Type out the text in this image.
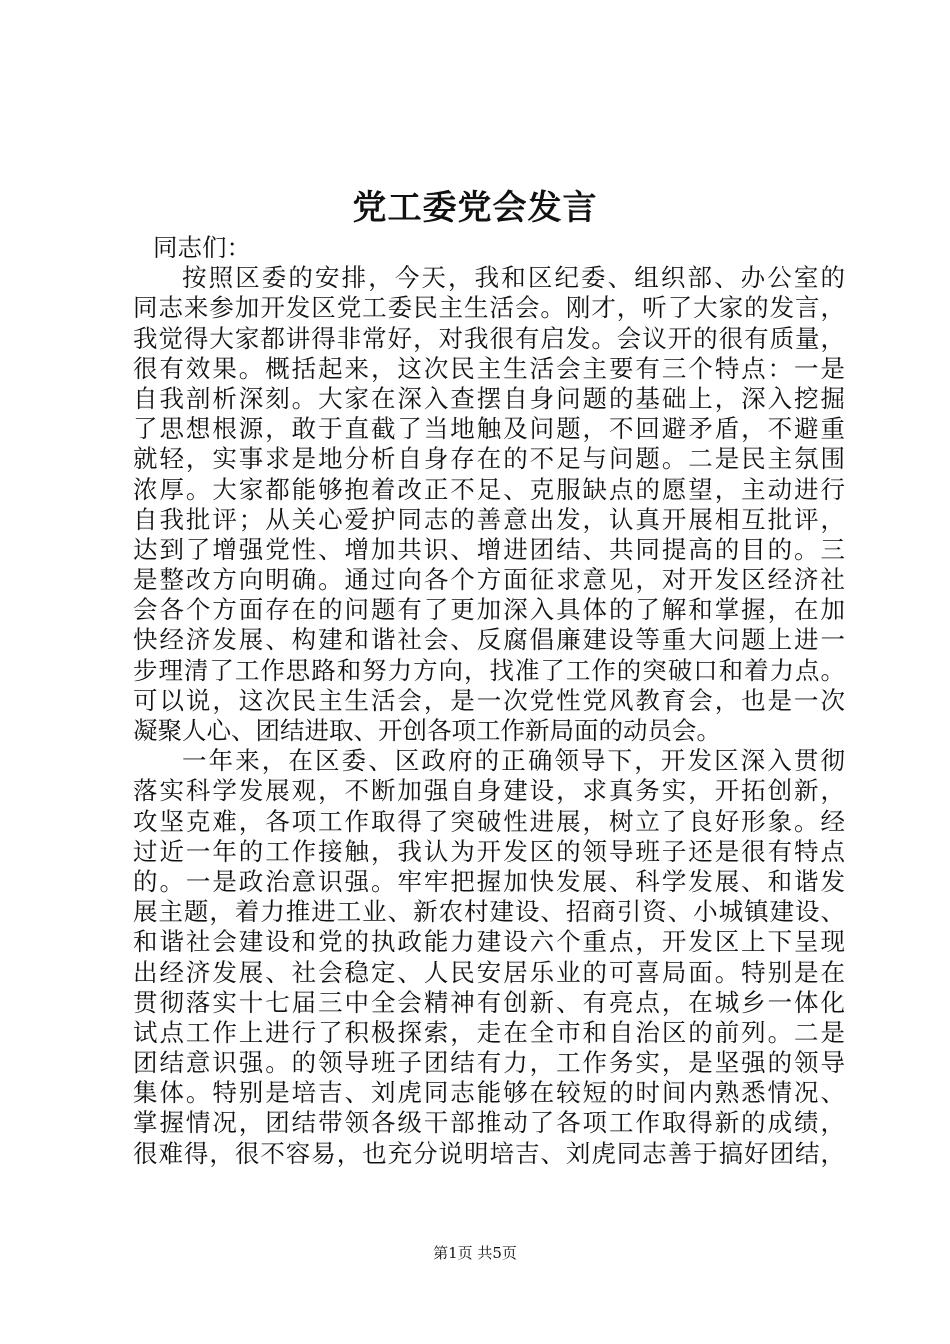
党工委党会发言
同志们：
按照区委的安排，今天，我和区纪委、组织部、办公室的
同志来参加开发区党工委民主生活会。刚才，听了大家的发言，
我觉得大家都讲得非常好，对我很有启发。会议开的很有质量，
很有效果。概括起来，这次民主生活会主要有三个特点：一是
自我剖析深刻。大家在深入查摆自身问题的基础上，深入挖掘
了思想根源，敢于直截了当地触及问题，不回避矛盾，不避重
就轻，实事求是地分析自身存在的不足与问题。二是民主氛围
浓厚。大家都能够抱着改正不足、克服缺点的愿望，主动进行
自我批评；从关心爱护同志的善意出发，认真开展相互批评，
达到了增强党性、增加共识、增进团结、共同提高的目的。三
是整改方向明确。通过向各个方面征求意见，对开发区经济社
会各个方面存在的问题有了更加深入具体的了解和掌握，在加
快经济发展、构建和谐社会、反腐倡廉建设等重大问题上进一
步理清了工作思路和努力方向，找准了工作的突破口和着力点。
可以说，这次民主生活会，是一次党性党风教育会，也是一次
凝聚人心、团结进取、开创各项工作新局面的动员会。
一年来，在区委、区政府的正确领导下，开发区深入贯彻
落实科学发展观，不断加强自身建设，求真务实，开拓创新，
攻坚克难，各项工作取得了突破性进展，树立了良好形象。经
过近一年的工作接触，我认为开发区的领导班子还是很有特点
的。一是政治意识强。牢牢把握加快发展、科学发展、和谐发
展主题，着力推进工业、新农村建设、招商引资、小城镇建设、
和谐社会建设和党的执政能力建设六个重点，开发区上下呈现
出经济发展、社会稳定、人民安居乐业的可喜局面。特别是在
贯彻落实十七届三中全会精神有创新、有亮点，在城乡一体化
试点工作上进行了积极探索，走在全市和自治区的前列。二是
团结意识强。的领导班子团结有力，工作务实，是坚强的领导
集体。特别是培吉、刘虎同志能够在较短的时间内熟悉情况、
掌握情况，团结带领各级干部推动了各项工作取得新的成绩，
很难得，很不容易，也充分说明培吉、刘虎同志善于搞好团结，
第1页 共5页
